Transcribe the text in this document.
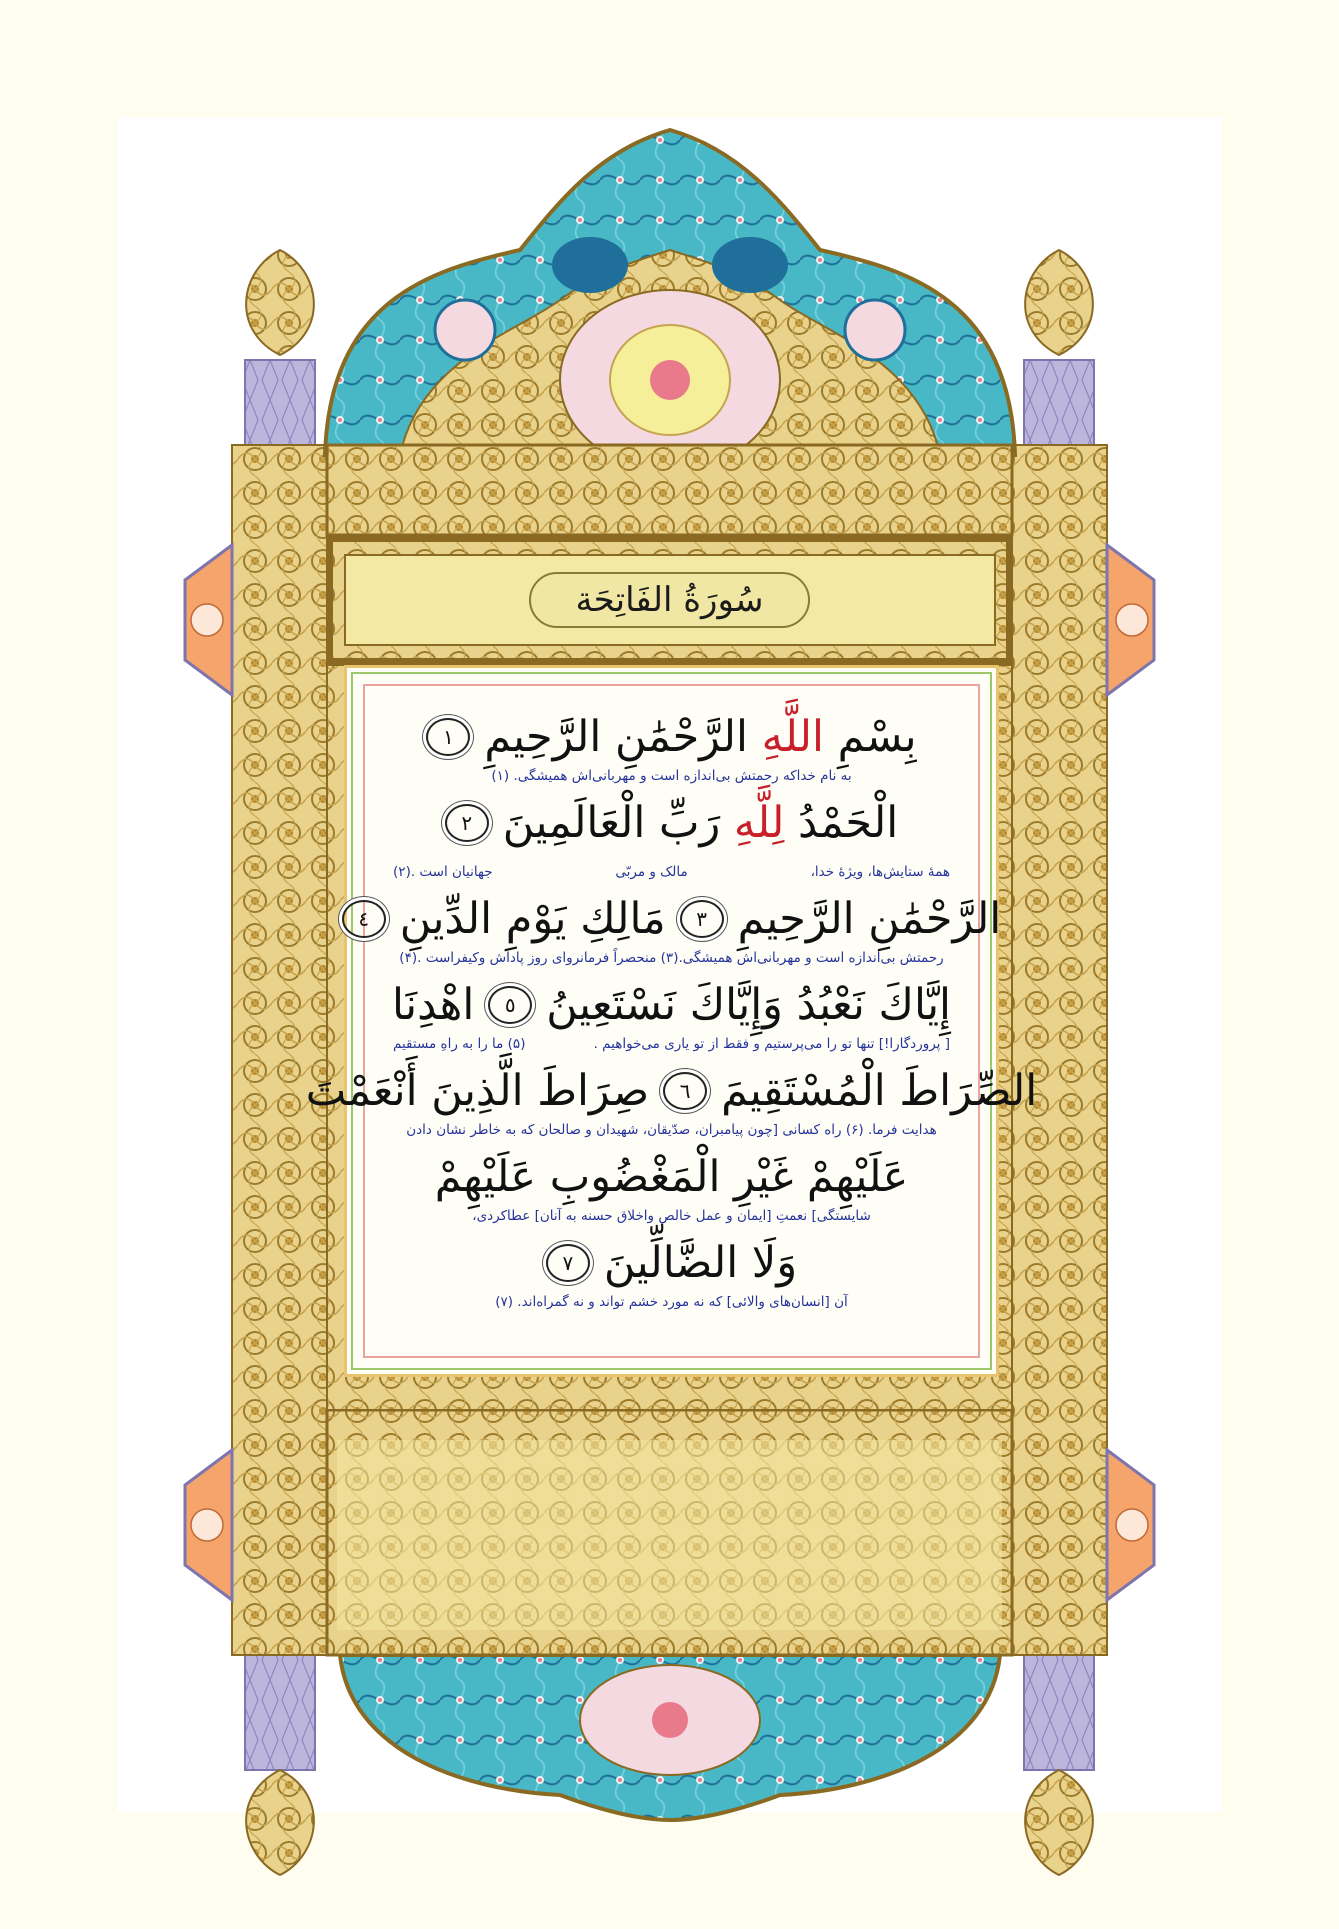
سُورَةُ الفَاتِحَة
بِسْمِ اللَّهِ الرَّحْمَٰنِ الرَّحِيمِ
١
به نام خداکه رحمتش بی‌اندازه است و مهربانی‌اش همیشگی. (۱)
الْحَمْدُ لِلَّهِ رَبِّ الْعَالَمِينَ
٢
همهٔ ستایش‌ها، ویژهٔ خدا،
مالک و مربّی
جهانیان است .(۲)
الرَّحْمَٰنِ الرَّحِيمِ
٣
مَالِكِ يَوْمِ الدِّينِ
٤
رحمتش بی‌اندازه است و مهربانی‌اش همیشگی.(۳) منحصراً فرمانروای روز پاداش وکیفراست .(۴)
إِيَّاكَ نَعْبُدُ وَإِيَّاكَ نَسْتَعِينُ
٥
اهْدِنَا
[ پروردگارا!] تنها تو را می‌پرستیم و فقط از تو یاری می‌خواهیم .
(۵) ما را به راهِ مستقیم
الصِّرَاطَ الْمُسْتَقِيمَ
٦
صِرَاطَ الَّذِينَ أَنْعَمْتَ
هدایت فرما. (۶) راه کسانی [چون پیامبران، صدّیقان، شهیدان و صالحان که به خاطر نشان دادن
عَلَيْهِمْ غَيْرِ الْمَغْضُوبِ عَلَيْهِمْ
شایستگی] نعمتِ [ایمان و عمل خالص واخلاق حسنه به آنان] عطاکردی،
وَلَا الضَّالِّينَ
٧
آن [انسان‌های والائی] که نه مورد خشم تواند و نه گمراه‌اند. (۷)
